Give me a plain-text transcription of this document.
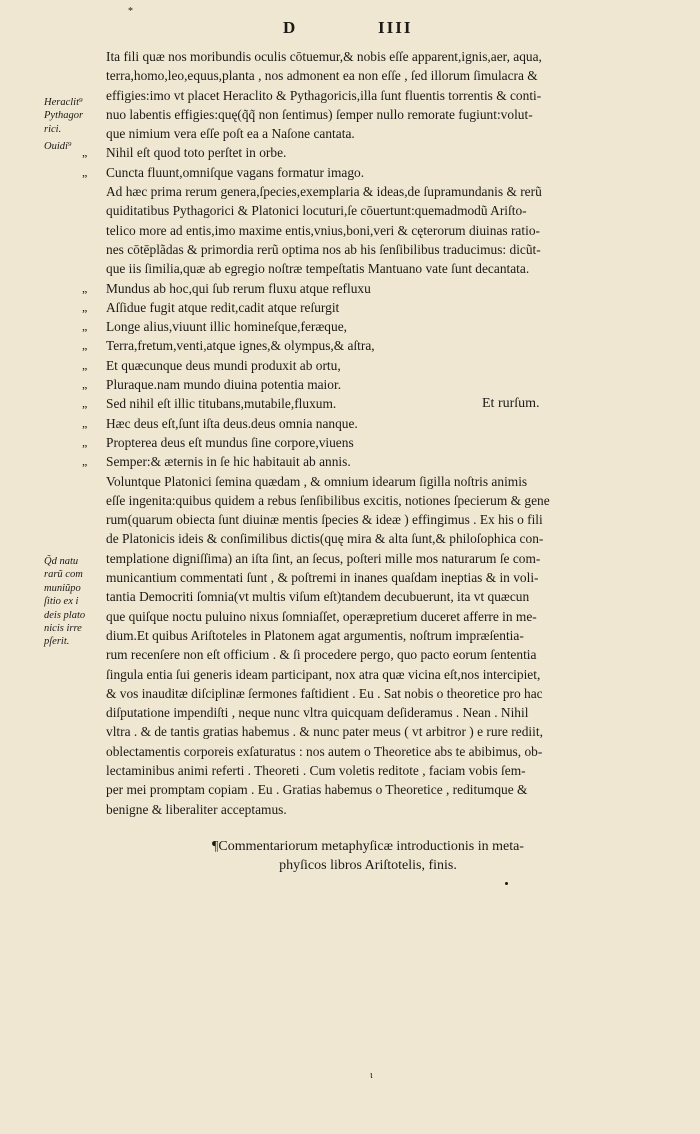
*
D	IIII
Heraclit⁹
Pythagor
rici.
Ouidi⁹
Q̃d natu
rarũ com
muniũpo
ſitio ex i
deis plato
nicis irre
pſerit.
Ita fili quæ nos moribundis oculis cōtuemur,& nobis eſſe apparent,ignis,aer, aqua,
terra,homo,leo,equus,planta , nos admonent ea non eſſe , ſed illorum ſimulacra &
effigies:imo vt placet Heraclito & Pythagoricis,illa ſunt fluentis torrentis & conti-
nuo labentis effigies:quę(q̃q̃ non ſentimus) ſemper nullo remorate fugiunt:volut-
que nimium vera eſſe poſt ea a Naſone cantata.
„	Nihil eſt quod toto perſtet in orbe.
„	Cuncta fluunt,omniſque vagans formatur imago.
Ad hæc prima rerum genera,ſpecies,exemplaria & ideas,de ſupramundanis & rerũ
quiditatibus Pythagorici & Platonici locuturi,ſe cōuertunt:quemadmodũ Ariſto-
telico more ad entis,imo maxime entis,vnius,boni,veri & cęterorum diuinas ratio-
nes cōtēplãdas & primordia rerũ optima nos ab his ſenſibilibus traducimus: dicũt-
que iis ſimilia,quæ ab egregio noſtræ tempeſtatis Mantuano vate ſunt decantata.
„	Mundus ab hoc,qui ſub rerum fluxu atque refluxu
„	Aſſidue fugit atque redit,cadit atque reſurgit
„	Longe alius,viuunt illic homineſque,feræque,
„	Terra,fretum,venti,atque ignes,& olympus,& aſtra,
„	Et quæcunque deus mundi produxit ab ortu,
„	Pluraque.nam mundo diuina potentia maior.
„	Sed nihil eſt illic titubans,mutabile,fluxum.	Et rurſum.
„	Hæc deus eſt,ſunt iſta deus.deus omnia nanque.
„	Propterea deus eſt mundus ſine corpore,viuens
„	Semper:& æternis in ſe hic habitauit ab annis.
Voluntque Platonici ſemina quædam , & omnium idearum ſigilla noſtris animis
eſſe ingenita:quibus quidem a rebus ſenſibilibus excitis, notiones ſpecierum & gene
rum(quarum obiecta ſunt diuinæ mentis ſpecies & ideæ ) effingimus . Ex his o fili
de Platonicis ideis & conſimilibus dictis(quę mira & alta ſunt,& philoſophica con-
templatione digniſſima) an iſta ſint, an ſecus, poſteri mille mos naturarum ſe com-
municantium commentati ſunt , & poſtremi in inanes quaſdam ineptias & in voli-
tantia Democriti ſomnia(vt multis viſum eſt)tandem decubuerunt, ita vt quæcun
que quiſque noctu puluino nixus ſomniaſſet, operæpretium duceret afferre in me-
dium.Et quibus Ariſtoteles in Platonem agat argumentis, noſtrum impræſentia-
rum recenſere non eſt officium . & ſi procedere pergo, quo pacto eorum ſententia
ſingula entia ſui generis ideam participant, nox atra quæ vicina eſt,nos intercipiet,
& vos inauditæ diſciplinæ ſermones faſtidient . Eu . Sat nobis o theoretice pro hac
diſputatione impendiſti , neque nunc vltra quicquam deſideramus . Nean . Nihil
vltra . & de tantis gratias habemus . & nunc pater meus ( vt arbitror ) e rure rediit,
oblectamentis corporeis exſaturatus : nos autem o Theoretice abs te abibimus, ob-
lectaminibus animi referti . Theoreti . Cum voletis reditote , faciam vobis ſem-
per mei promptam copiam . Eu . Gratias habemus o Theoretice , reditumque &
benigne & liberaliter acceptamus.
¶Commentariorum metaphyſicæ introductionis in meta-
phyſicos libros Ariſtotelis, finis.
ι
